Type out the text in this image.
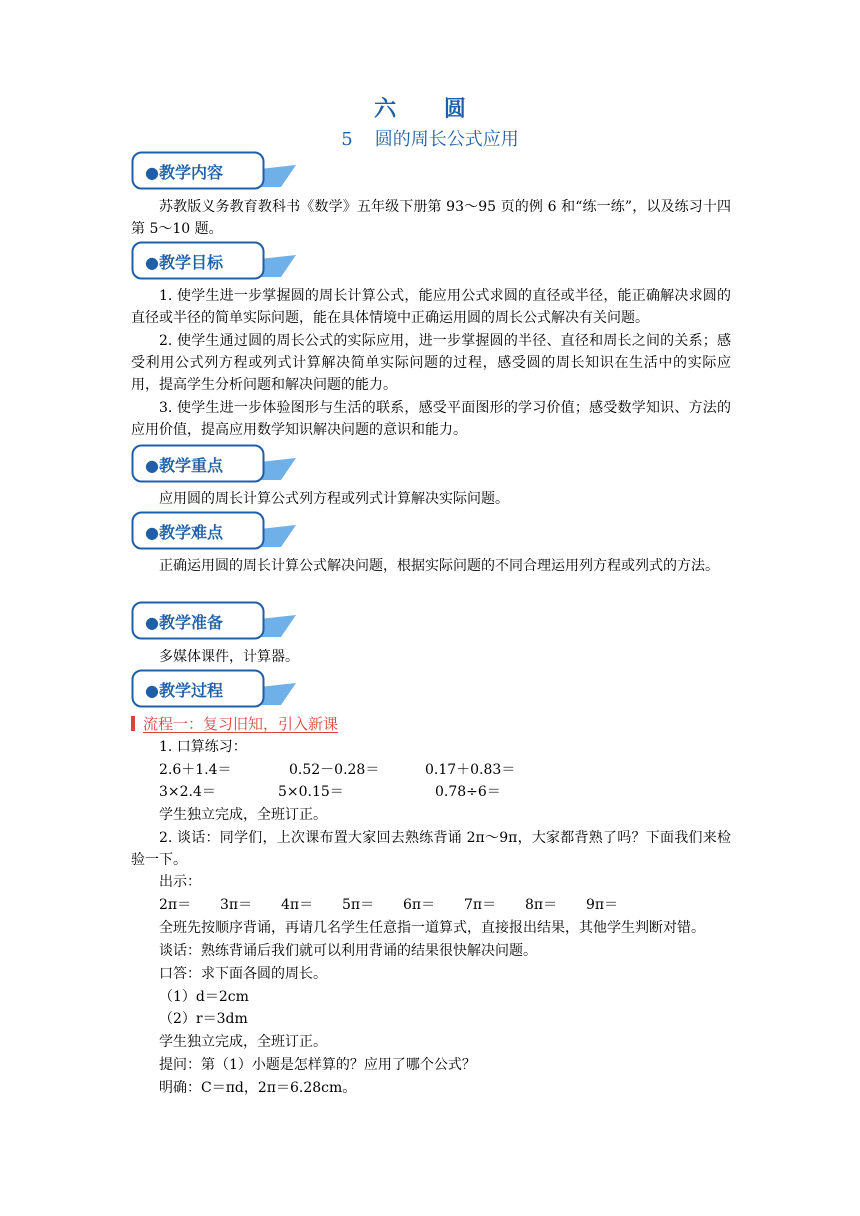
六 圆
5 圆的周长公式应用
●教学内容
苏教版义务教育教科书《数学》五年级下册第 93～95 页的例 6 和“练一练”，以及练习十四第 5～10 题。
●教学目标
1. 使学生进一步掌握圆的周长计算公式，能应用公式求圆的直径或半径，能正确解决求圆的直径或半径的简单实际问题，能在具体情境中正确运用圆的周长公式解决有关问题。
2. 使学生通过圆的周长公式的实际应用，进一步掌握圆的半径、直径和周长之间的关系；感受利用公式列方程或列式计算解决简单实际问题的过程，感受圆的周长知识在生活中的实际应用，提高学生分析问题和解决问题的能力。
3. 使学生进一步体验图形与生活的联系，感受平面图形的学习价值；感受数学知识、方法的应用价值，提高应用数学知识解决问题的意识和能力。
●教学重点
应用圆的周长计算公式列方程或列式计算解决实际问题。
●教学难点
正确运用圆的周长计算公式解决问题，根据实际问题的不同合理运用列方程或列式的方法。
●教学准备
多媒体课件，计算器。
●教学过程
流程一：复习旧知，引入新课
1. 口算练习：
2.6＋1.4＝	0.52－0.28＝	0.17＋0.83＝
3×2.4＝	5×0.15＝	0.78÷6＝
学生独立完成，全班订正。
2. 谈话：同学们，上次课布置大家回去熟练背诵 2π～9π，大家都背熟了吗？下面我们来检验一下。
出示：
2π＝ 3π＝ 4π＝ 5π＝ 6π＝ 7π＝ 8π＝ 9π＝
全班先按顺序背诵，再请几名学生任意指一道算式，直接报出结果，其他学生判断对错。
谈话：熟练背诵后我们就可以利用背诵的结果很快解决问题。
口答：求下面各圆的周长。
（1）d＝2cm
（2）r＝3dm
学生独立完成，全班订正。
提问：第（1）小题是怎样算的？应用了哪个公式？
明确：C＝πd，2π＝6.28cm。
